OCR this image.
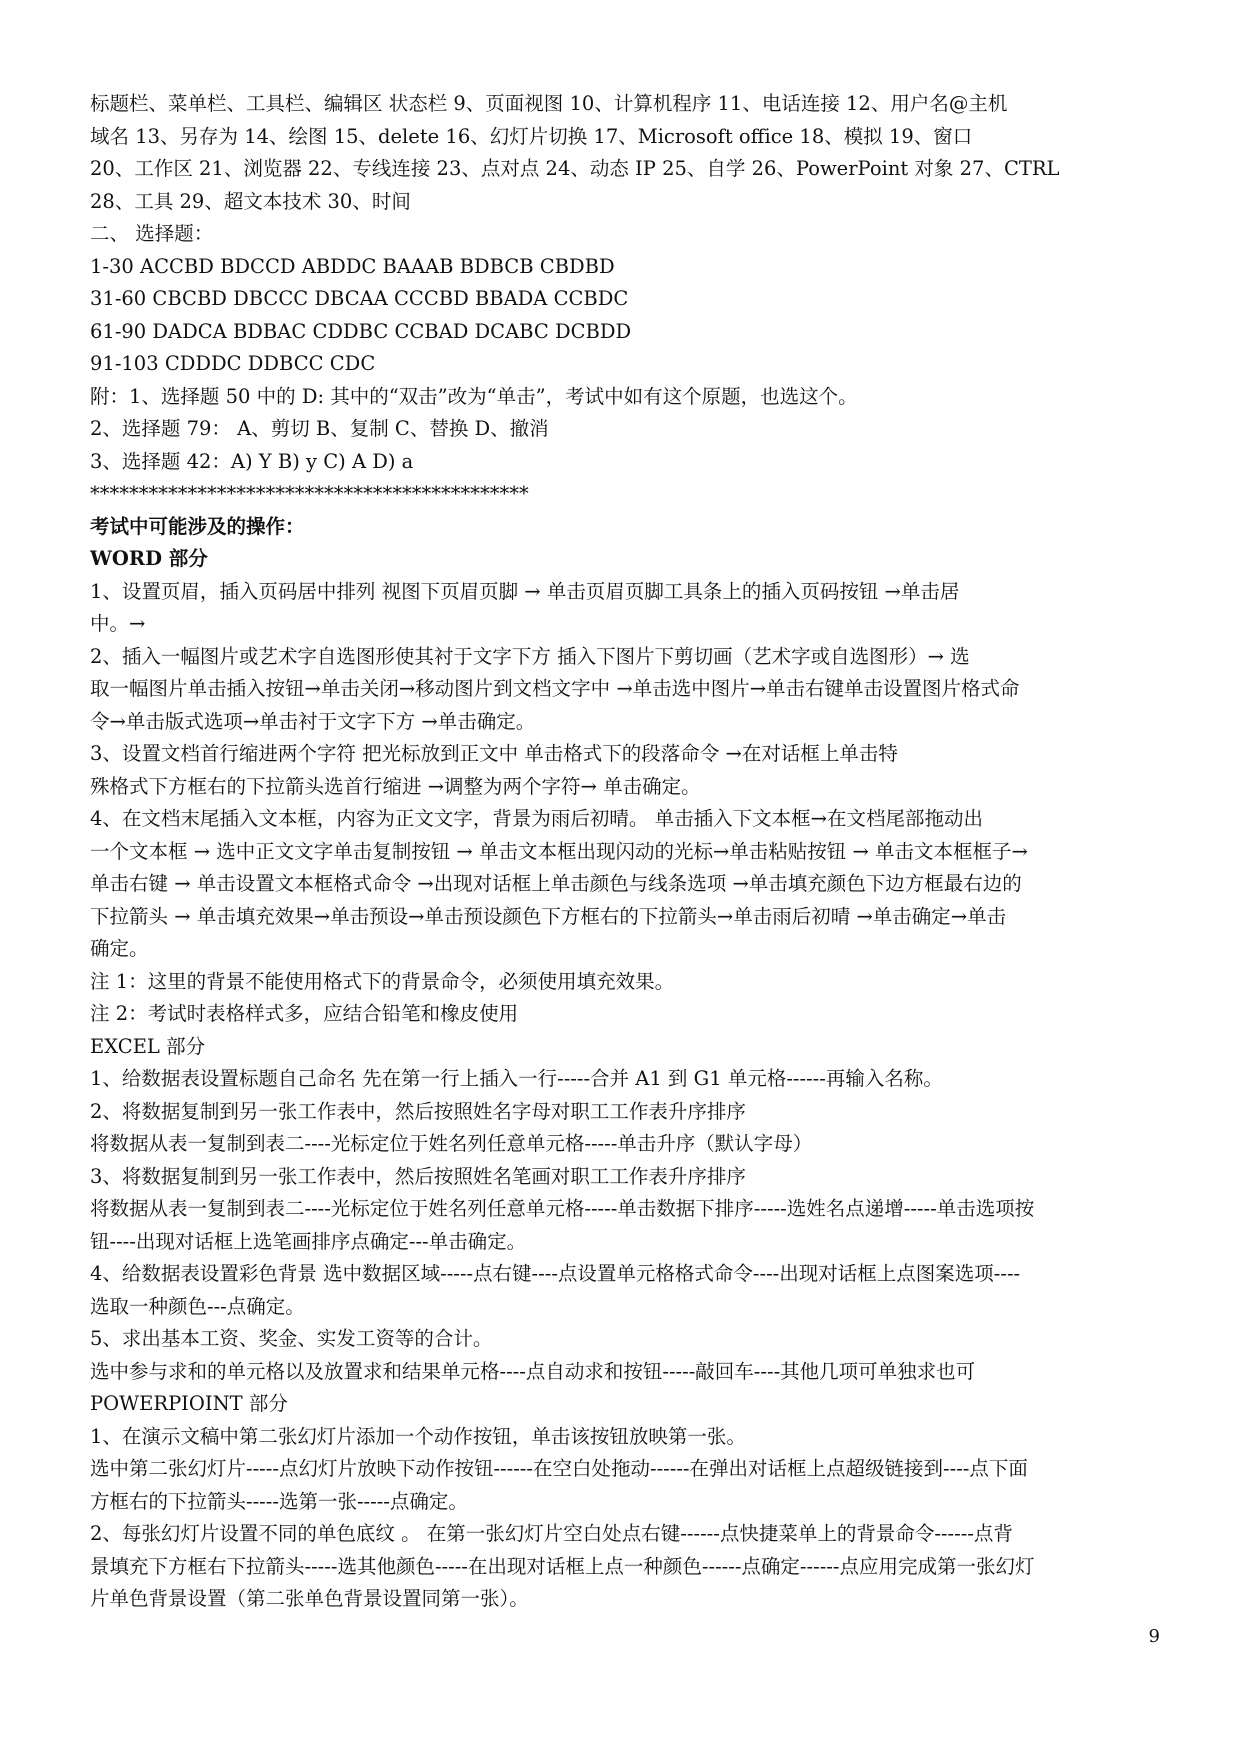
标题栏、菜单栏、工具栏、编辑区 状态栏 9、页面视图 10、计算机程序 11、电话连接 12、用户名@主机
域名 13、另存为 14、绘图 15、delete 16、幻灯片切换 17、Microsoft office 18、模拟 19、窗口
20、工作区 21、浏览器 22、专线连接 23、点对点 24、动态 IP 25、自学 26、PowerPoint 对象 27、CTRL
28、工具 29、超文本技术 30、时间
二、 选择题：
1-30 ACCBD BDCCD ABDDC BAAAB BDBCB CBDBD
31-60 CBCBD DBCCC DBCAA CCCBD BBADA CCBDC
61-90 DADCA BDBAC CDDBC CCBAD DCABC DCBDD
91-103 CDDDC DDBCC CDC
附：1、选择题 50 中的 D: 其中的“双击”改为“单击”，考试中如有这个原题，也选这个。
2、选择题 79： A、剪切 B、复制 C、替换 D、撤消
3、选择题 42：A) Y B) y C) A D) a
*********************************************
考试中可能涉及的操作：
WORD 部分
1、设置页眉，插入页码居中排列 视图下页眉页脚 → 单击页眉页脚工具条上的插入页码按钮 →单击居
中。→
2、插入一幅图片或艺术字自选图形使其衬于文字下方 插入下图片下剪切画（艺术字或自选图形）→ 选
取一幅图片单击插入按钮→单击关闭→移动图片到文档文字中 →单击选中图片→单击右键单击设置图片格式命
令→单击版式选项→单击衬于文字下方 →单击确定。
3、设置文档首行缩进两个字符 把光标放到正文中 单击格式下的段落命令 →在对话框上单击特
殊格式下方框右的下拉箭头选首行缩进 →调整为两个字符→ 单击确定。
4、在文档末尾插入文本框，内容为正文文字，背景为雨后初晴。 单击插入下文本框→在文档尾部拖动出
一个文本框 → 选中正文文字单击复制按钮 → 单击文本框出现闪动的光标→单击粘贴按钮 → 单击文本框框子→
单击右键 → 单击设置文本框格式命令 →出现对话框上单击颜色与线条选项 →单击填充颜色下边方框最右边的
下拉箭头 → 单击填充效果→单击预设→单击预设颜色下方框右的下拉箭头→单击雨后初晴 →单击确定→单击
确定。
注 1：这里的背景不能使用格式下的背景命令，必须使用填充效果。
注 2：考试时表格样式多，应结合铅笔和橡皮使用
EXCEL 部分
1、给数据表设置标题自己命名 先在第一行上插入一行-----合并 A1 到 G1 单元格------再输入名称。
2、将数据复制到另一张工作表中，然后按照姓名字母对职工工作表升序排序
将数据从表一复制到表二----光标定位于姓名列任意单元格-----单击升序（默认字母）
3、将数据复制到另一张工作表中，然后按照姓名笔画对职工工作表升序排序
将数据从表一复制到表二----光标定位于姓名列任意单元格-----单击数据下排序-----选姓名点递增-----单击选项按
钮----出现对话框上选笔画排序点确定---单击确定。
4、给数据表设置彩色背景 选中数据区域-----点右键----点设置单元格格式命令----出现对话框上点图案选项----
选取一种颜色---点确定。
5、求出基本工资、奖金、实发工资等的合计。
选中参与求和的单元格以及放置求和结果单元格----点自动求和按钮-----敲回车----其他几项可单独求也可
POWERPIOINT 部分
1、在演示文稿中第二张幻灯片添加一个动作按钮，单击该按钮放映第一张。
选中第二张幻灯片-----点幻灯片放映下动作按钮------在空白处拖动------在弹出对话框上点超级链接到----点下面
方框右的下拉箭头-----选第一张-----点确定。
2、每张幻灯片设置不同的单色底纹 。 在第一张幻灯片空白处点右键------点快捷菜单上的背景命令------点背
景填充下方框右下拉箭头-----选其他颜色-----在出现对话框上点一种颜色------点确定------点应用完成第一张幻灯
片单色背景设置（第二张单色背景设置同第一张）。
9
